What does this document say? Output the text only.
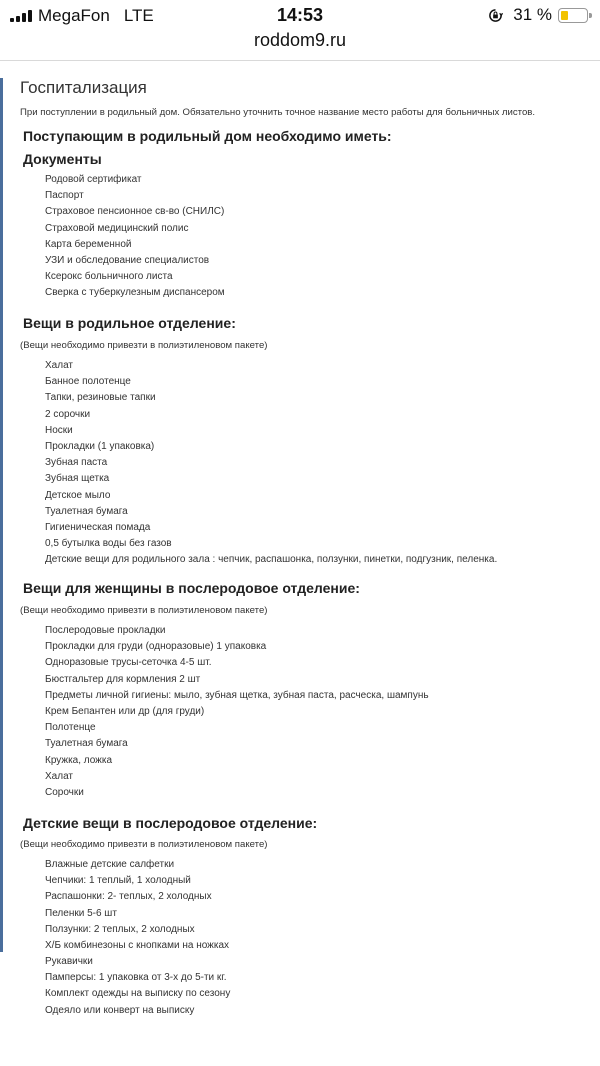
MegaFon LTE	14:53	31 %
roddom9.ru
Госпитализация
При поступлении в родильный дом. Обязательно уточнить точное название место работы для больничных листов.
Поступающим в родильный дом необходимо иметь:
Документы
Родовой сертификат
Паспорт
Страховое пенсионное св-во (СНИЛС)
Страховой медицинский полис
Карта беременной
УЗИ и обследование специалистов
Ксерокс больничного листа
Сверка с туберкулезным диспансером
Вещи в родильное отделение:
(Вещи необходимо привезти в полиэтиленовом пакете)
Халат
Банное полотенце
Тапки, резиновые тапки
2 сорочки
Носки
Прокладки (1 упаковка)
Зубная паста
Зубная щетка
Детское мыло
Туалетная бумага
Гигиеническая помада
0,5 бутылка воды без газов
Детские вещи для родильного зала : чепчик, распашонка, ползунки, пинетки, подгузник, пеленка.
Вещи для женщины в послеродовое отделение:
(Вещи необходимо привезти в полиэтиленовом пакете)
Послеродовые прокладки
Прокладки для груди (одноразовые) 1 упаковка
Одноразовые трусы-сеточка 4-5 шт.
Бюстгальтер для кормления 2 шт
Предметы личной гигиены: мыло, зубная щетка, зубная паста, расческа, шампунь
Крем Бепантен или др (для груди)
Полотенце
Туалетная бумага
Кружка, ложка
Халат
Сорочки
Детские вещи в послеродовое отделение:
(Вещи необходимо привезти в полиэтиленовом пакете)
Влажные детские салфетки
Чепчики: 1 теплый, 1 холодный
Распашонки: 2- теплых, 2 холодных
Пеленки 5-6 шт
Ползунки: 2 теплых, 2 холодных
Х/Б комбинезоны с кнопками на ножках
Рукавички
Памперсы: 1 упаковка от 3-х до 5-ти кг.
Комплект одежды на выписку по сезону
Одеяло или конверт на выписку
